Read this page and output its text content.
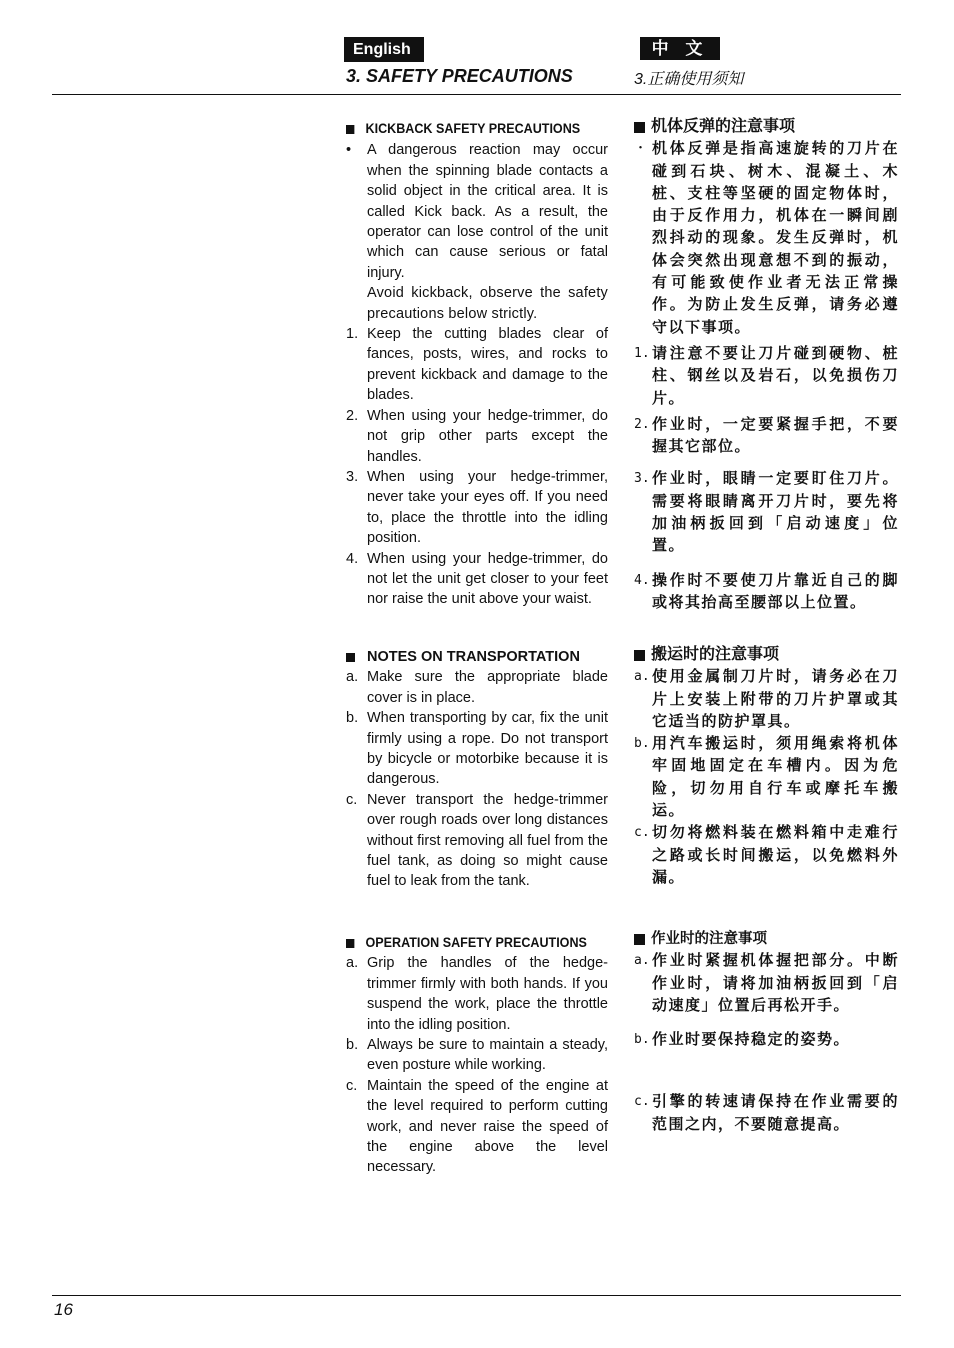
English	中 文
3. SAFETY PRECAUTIONS	3.正确使用须知
KICKBACK SAFETY PRECAUTIONS
• A dangerous reaction may occur when the spinning blade contacts a solid object in the critical area. It is called Kick back. As a result, the operator can lose control of the unit which can cause serious or fatal injury.
Avoid kickback, observe the safety precautions below strictly.
1. Keep the cutting blades clear of fances, posts, wires, and rocks to prevent kickback and damage to the blades.
2. When using your hedge-trimmer, do not grip other parts except the handles.
3. When using your hedge-trimmer, never take your eyes off. If you need to, place the throttle into the idling position.
4. When using your hedge-trimmer, do not let the unit get closer to your feet nor raise the unit above your waist.
NOTES ON TRANSPORTATION
a. Make sure the appropriate blade cover is in place.
b. When transporting by car, fix the unit firmly using a rope. Do not transport by bicycle or motorbike because it is dangerous.
c. Never transport the hedge-trimmer over rough roads over long distances without first removing all fuel from the fuel tank, as doing so might cause fuel to leak from the tank.
OPERATION SAFETY PRECAUTIONS
a. Grip the handles of the hedge-trimmer firmly with both hands. If you suspend the work, place the throttle into the idling position.
b. Always be sure to maintain a steady, even posture while working.
c. Maintain the speed of the engine at the level required to perform cutting work, and never raise the speed of the engine above the level necessary.
机体反弹的注意事项
・ 机体反弹是指高速旋转的刀片在碰到石块、树木、混凝土、木桩、支柱等坚硬的固定物体时，由于反作用力，机体在一瞬间剧烈抖动的现象。发生反弹时，机体会突然出现意想不到的振动，有可能致使作业者无法正常操作。为防止发生反弹，请务必遵守以下事项。
1. 请注意不要让刀片碰到硬物、桩柱、钢丝以及岩石，以免损伤刀片。
2. 作业时，一定要紧握手把，不要握其它部位。
3. 作业时，眼睛一定要盯住刀片。需要将眼睛离开刀片时，要先将加油柄扳回到「启动速度」位置。
4. 操作时不要使刀片靠近自己的脚或将其抬高至腰部以上位置。
搬运时的注意事项
a. 使用金属制刀片时，请务必在刀片上安装上附带的刀片护罩或其它适当的防护罩具。
b. 用汽车搬运时，须用绳索将机体牢固地固定在车槽内。因为危险，切勿用自行车或摩托车搬运。
c. 切勿将燃料装在燃料箱中走难行之路或长时间搬运，以免燃料外漏。
作业时的注意事项
a. 作业时紧握机体握把部分。中断作业时，请将加油柄扳回到「启动速度」位置后再松开手。
b. 作业时要保持稳定的姿势。
c. 引擎的转速请保持在作业需要的范围之内，不要随意提高。
16
